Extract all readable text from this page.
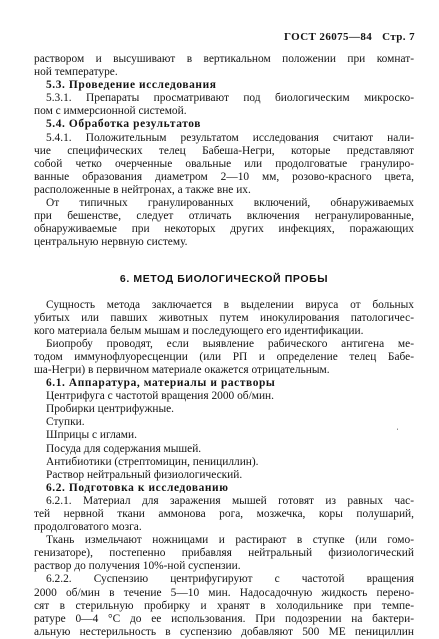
ГОСТ 26075—84 Стр. 7
раствором и высушивают в вертикальном положении при комнат-
ной температуре.
5.3. Проведение исследования
5.3.1. Препараты просматривают под биологическим микроско-
пом с иммерсионной системой.
5.4. Обработка результатов
5.4.1. Положительным результатом исследования считают нали-
чие специфических телец Бабеша-Негри, которые представляют
собой четко очерченные овальные или продолговатые гранулиро-
ванные образования диаметром 2—10 мм, розово-красного цвета,
расположенные в нейтронах, а также вне их.
От типичных гранулированных включений, обнаруживаемых
при бешенстве, следует отличать включения негранулированные,
обнаруживаемые при некоторых других инфекциях, поражающих
центральную нервную систему.
6. МЕТОД БИОЛОГИЧЕСКОЙ ПРОБЫ
Сущность метода заключается в выделении вируса от больных
убитых или павших животных путем инокулирования патологичес-
кого материала белым мышам и последующего его идентификации.
Биопробу проводят, если выявление рабического антигена ме-
тодом иммунофлуоресценции (или РП и определение телец Бабе-
ша-Негри) в первичном материале окажется отрицательным.
6.1. Аппаратура, материалы и растворы
Центрифуга с частотой вращения 2000 об/мин.
Пробирки центрифужные.
Ступки.
Шприцы с иглами.
Посуда для содержания мышей.
Антибиотики (стрептомицин, пенициллин).
Раствор нейтральный физиологический.
6.2. Подготовка к исследованию
6.2.1. Материал для заражения мышей готовят из равных час-
тей нервной ткани аммонова рога, мозжечка, коры полушарий,
продолговатого мозга.
Ткань измельчают ножницами и растирают в ступке (или гомо-
генизаторе), постепенно прибавляя нейтральный физиологический
раствор до получения 10%-ной суспензии.
6.2.2. Суспензию центрифугируют с частотой вращения
2000 об/мин в течение 5—10 мин. Надосадочную жидкость перено-
сят в стерильную пробирку и хранят в холодильнике при темпе-
ратуре 0—4 °С до ее использования. При подозрении на бактери-
альную нестерильность в суспензию добавляют 500 МЕ пенициллин
ˌ
